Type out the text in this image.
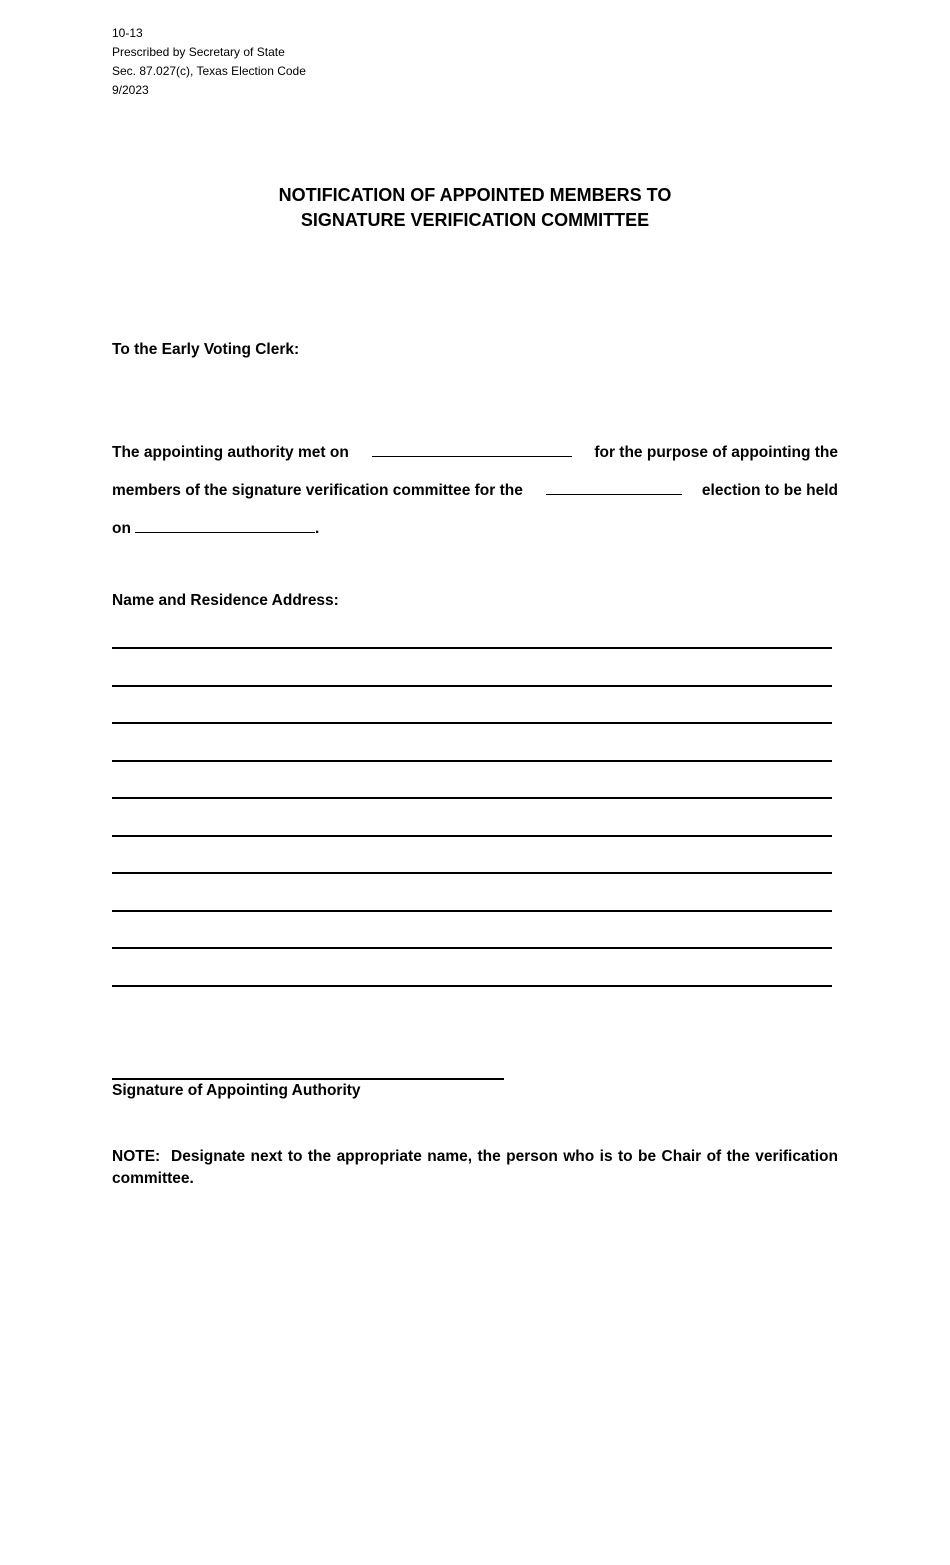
10-13
Prescribed by Secretary of State
Sec. 87.027(c), Texas Election Code
9/2023
NOTIFICATION OF APPOINTED MEMBERS TO
SIGNATURE VERIFICATION COMMITTEE
To the Early Voting Clerk:
The appointing authority met on	for the purpose of appointing the
members of the signature verification committee for the	election to be held
on	.
Name and Residence Address:
Signature of Appointing Authority
NOTE:  Designate next to the appropriate name, the person who is to be Chair of the verification committee.
